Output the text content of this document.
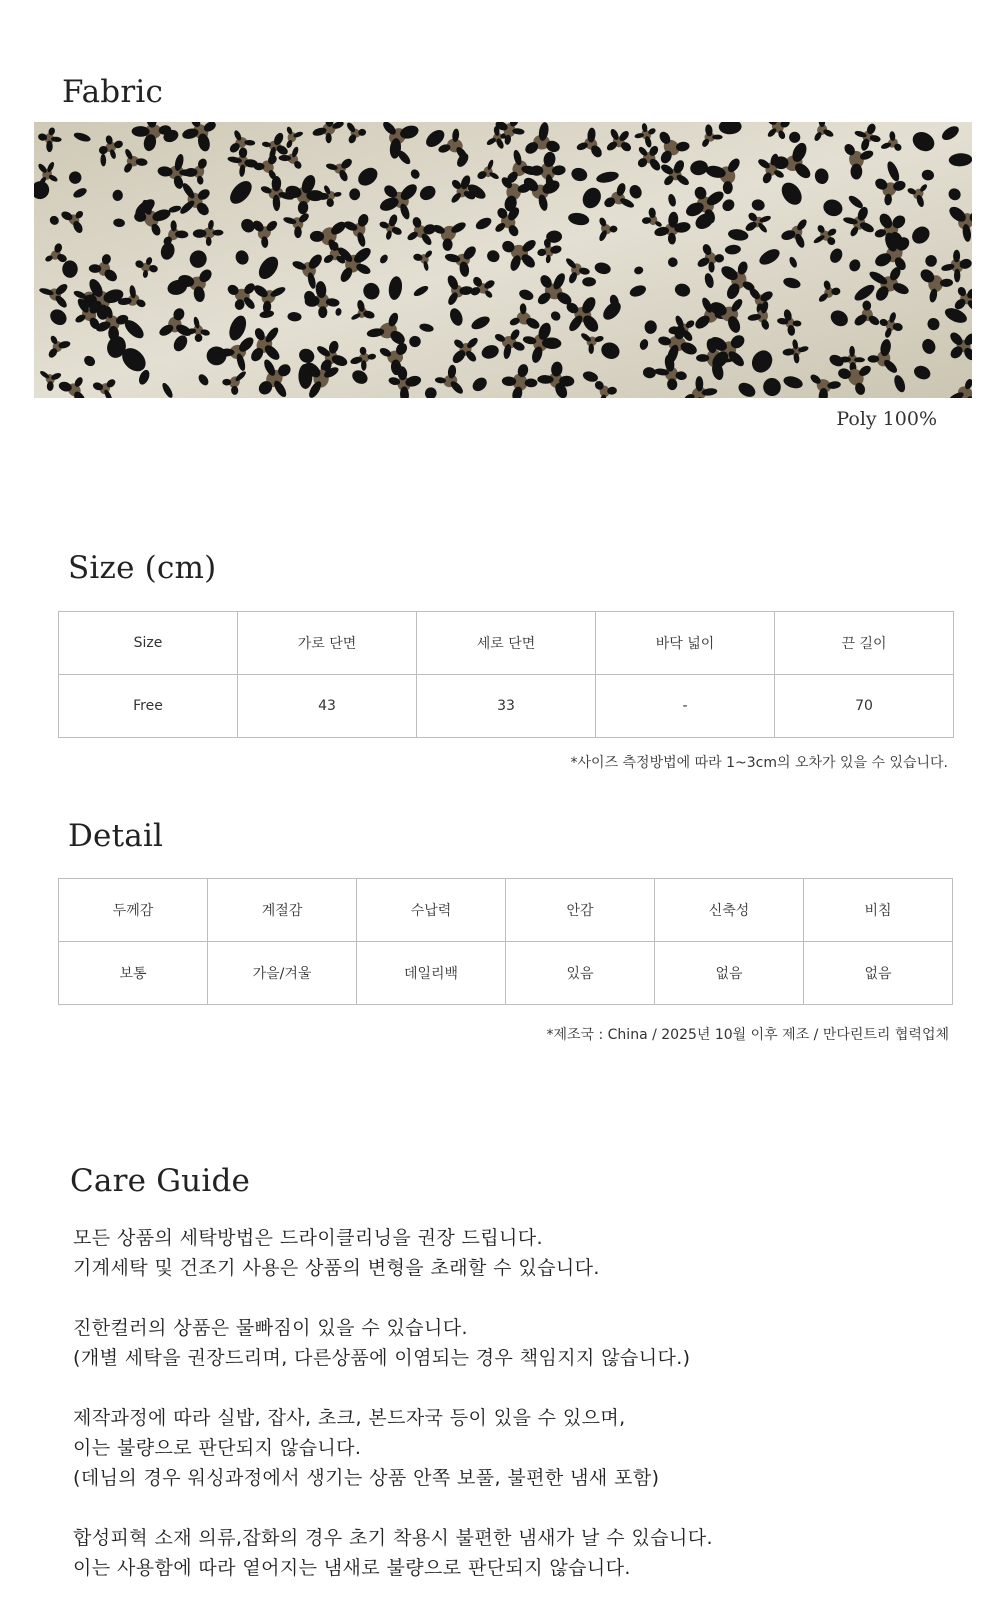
Fabric
Poly 100%
Size (cm)
Size	가로 단면	세로 단면	바닥 넓이	끈 길이
Free	43	33	-	70
*사이즈 측정방법에 따라 1~3cm의 오차가 있을 수 있습니다.
Detail
두께감	계절감	수납력	안감	신축성	비침
보통	가을/겨울	데일리백	있음	없음	없음
*제조국 : China / 2025년 10월 이후 제조 / 만다린트리 협력업체
Care Guide
모든 상품의 세탁방법은 드라이클리닝을 권장 드립니다.
기계세탁 및 건조기 사용은 상품의 변형을 초래할 수 있습니다.
진한컬러의 상품은 물빠짐이 있을 수 있습니다.
(개별 세탁을 권장드리며, 다른상품에 이염되는 경우 책임지지 않습니다.)
제작과정에 따라 실밥, 잡사, 초크, 본드자국 등이 있을 수 있으며,
이는 불량으로 판단되지 않습니다.
(데님의 경우 워싱과정에서 생기는 상품 안쪽 보풀, 불편한 냄새 포함)
합성피혁 소재 의류,잡화의 경우 초기 착용시 불편한 냄새가 날 수 있습니다.
이는 사용함에 따라 옅어지는 냄새로 불량으로 판단되지 않습니다.
